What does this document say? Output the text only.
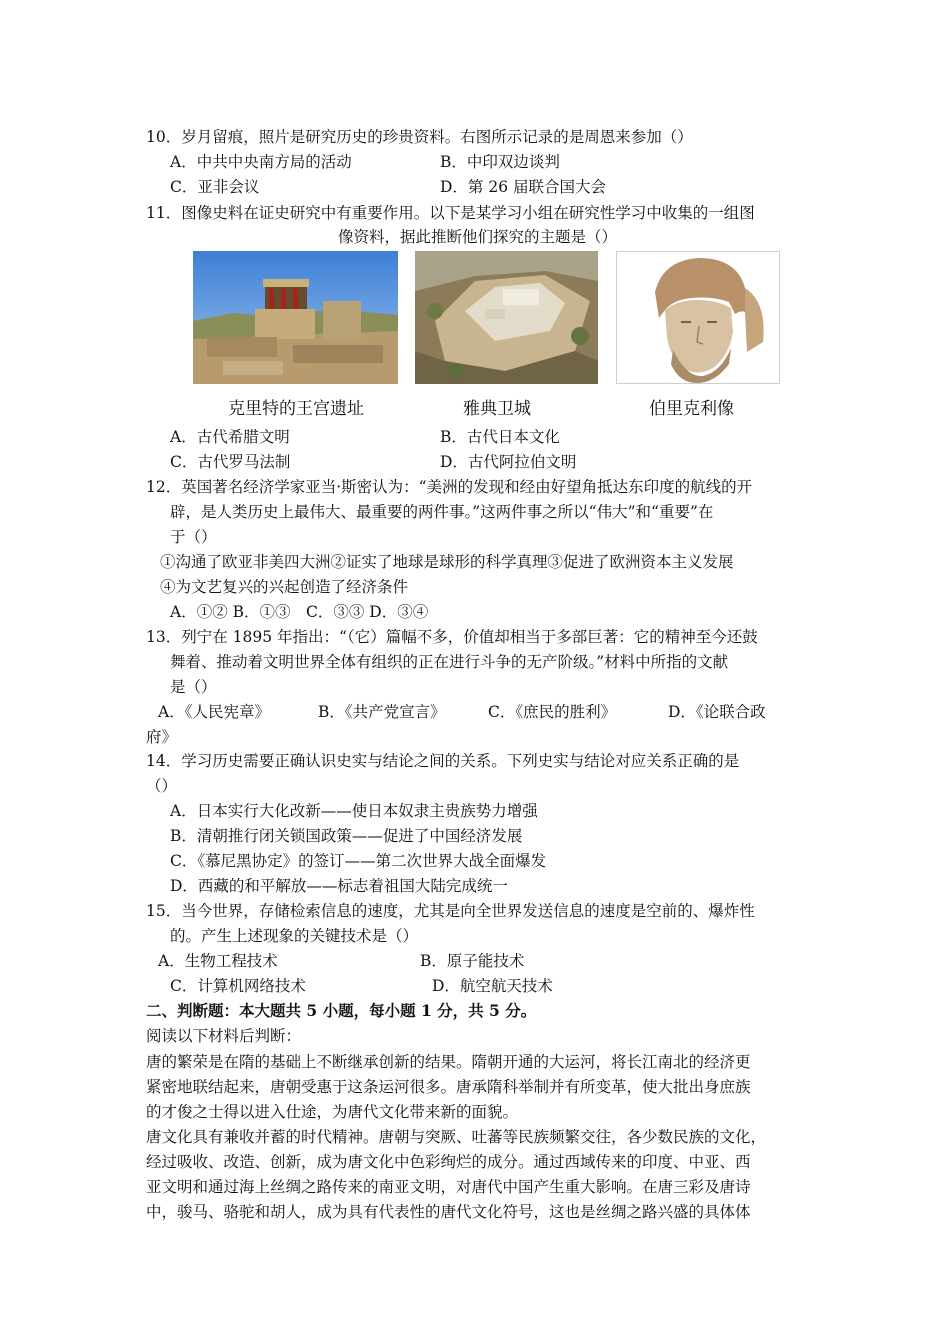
10．岁月留痕，照片是研究历史的珍贵资料。右图所示记录的是周恩来参加（）
A．中共中央南方局的活动	B．中印双边谈判
C．亚非会议	D．第 26 届联合国大会
11．图像史料在证史研究中有重要作用。以下是某学习小组在研究性学习中收集的一组图
像资料，据此推断他们探究的主题是（）
克里特的王宫遗址	雅典卫城	伯里克利像
A．古代希腊文明	B．古代日本文化
C．古代罗马法制	D．古代阿拉伯文明
12．英国著名经济学家亚当·斯密认为：“美洲的发现和经由好望角抵达东印度的航线的开
辟，是人类历史上最伟大、最重要的两件事。”这两件事之所以“伟大”和“重要”在
于（）
①沟通了欧亚非美四大洲②证实了地球是球形的科学真理③促进了欧洲资本主义发展
④为文艺复兴的兴起创造了经济条件
A．①② B．①③　C．③③ D．③④
13．列宁在 1895 年指出：“（它）篇幅不多，价值却相当于多部巨著：它的精神至今还鼓
舞着、推动着文明世界全体有组织的正在进行斗争的无产阶级。”材料中所指的文献
是（）
A．《人民宪章》	B．《共产党宣言》	C．《庶民的胜利》	D．《论联合政
府》
14．学习历史需要正确认识史实与结论之间的关系。下列史实与结论对应关系正确的是
（）
A．日本实行大化改新——使日本奴隶主贵族势力增强
B．清朝推行闭关锁国政策——促进了中国经济发展
C．《慕尼黑协定》的签订——第二次世界大战全面爆发
D．西藏的和平解放——标志着祖国大陆完成统一
15．当今世界，存储检索信息的速度，尤其是向全世界发送信息的速度是空前的、爆炸性
的。产生上述现象的关键技术是（）
A．生物工程技术	B．原子能技术
C．计算机网络技术	D．航空航天技术
二、判断题：本大题共 5 小题，每小题 1 分，共 5 分。
阅读以下材料后判断：
唐的繁荣是在隋的基础上不断继承创新的结果。隋朝开通的大运河，将长江南北的经济更
紧密地联结起来，唐朝受惠于这条运河很多。唐承隋科举制并有所变革，使大批出身庶族
的才俊之士得以进入仕途，为唐代文化带来新的面貌。
唐文化具有兼收并蓄的时代精神。唐朝与突厥、吐蕃等民族频繁交往，各少数民族的文化，
经过吸收、改造、创新，成为唐文化中色彩绚烂的成分。通过西域传来的印度、中亚、西
亚文明和通过海上丝绸之路传来的南亚文明，对唐代中国产生重大影响。在唐三彩及唐诗
中，骏马、骆驼和胡人，成为具有代表性的唐代文化符号，这也是丝绸之路兴盛的具体体
